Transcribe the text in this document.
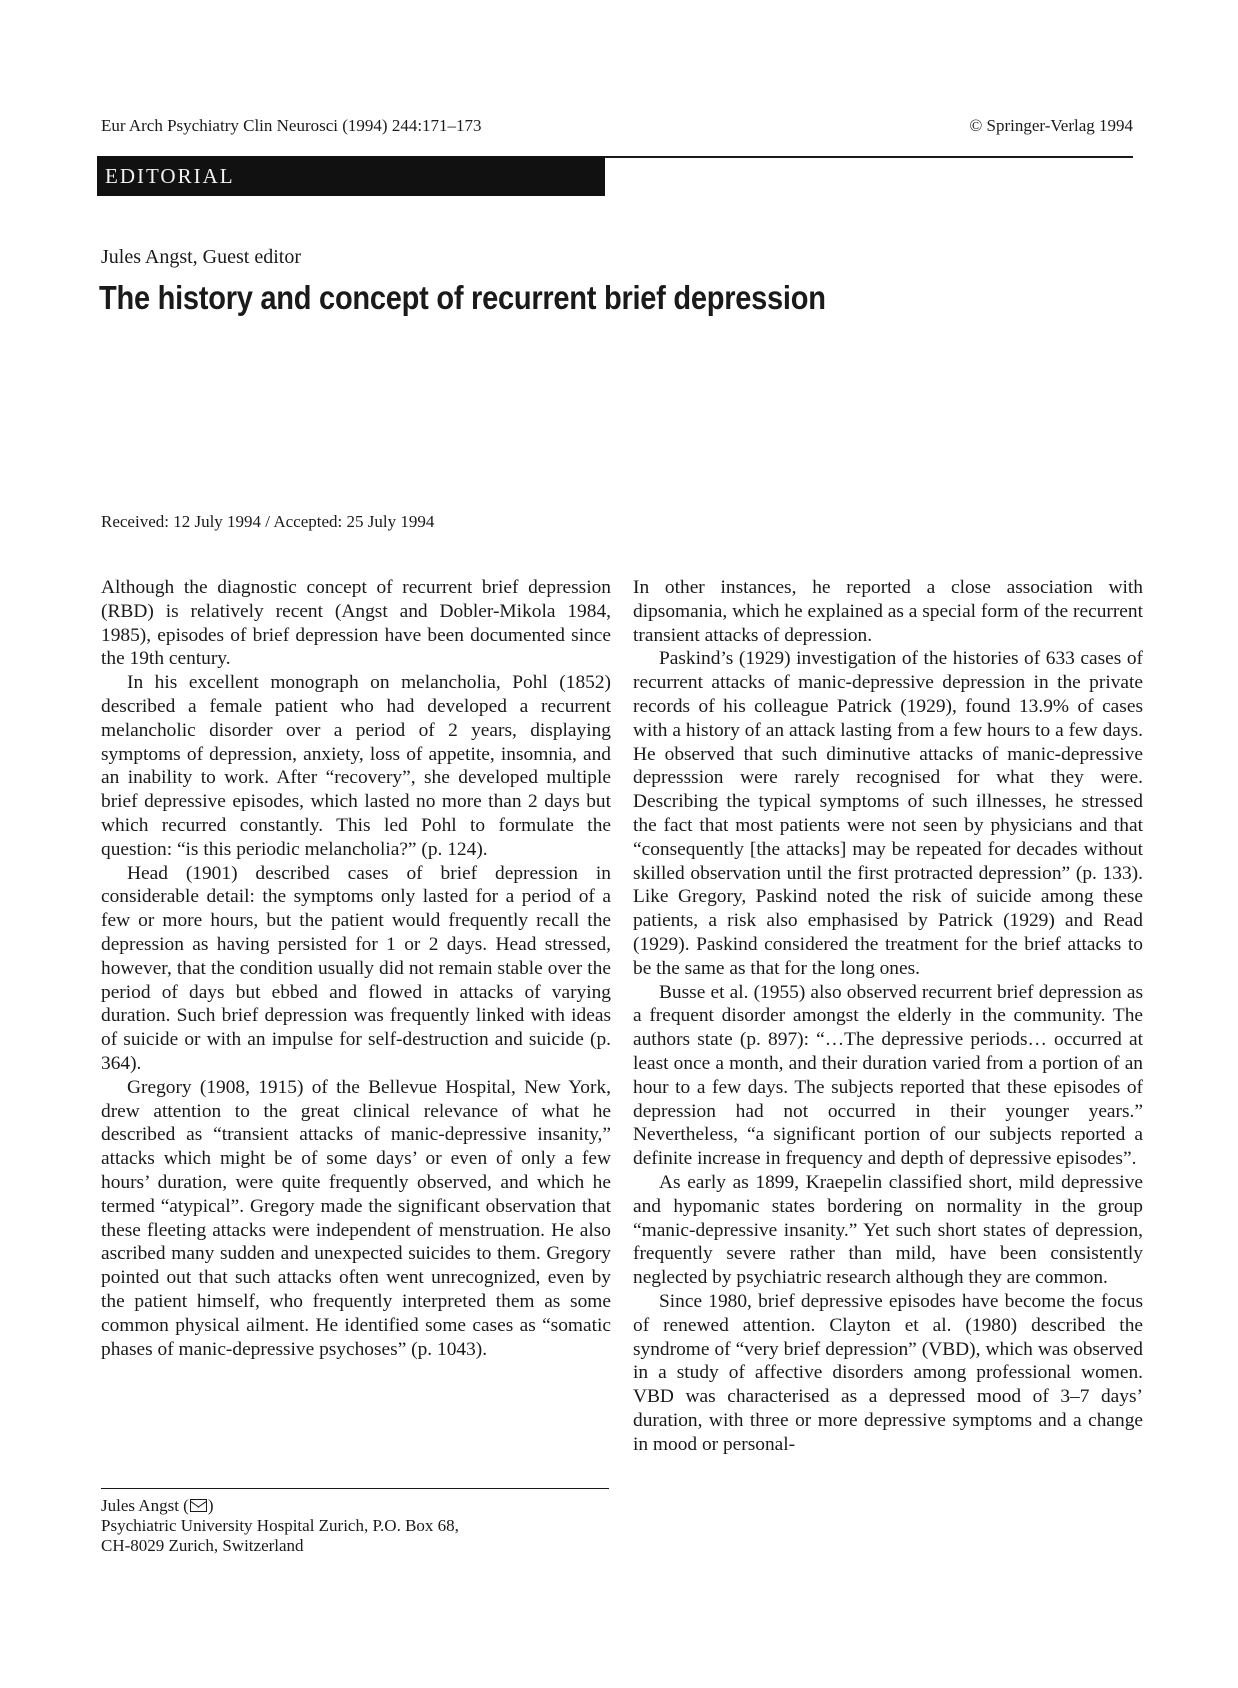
Eur Arch Psychiatry Clin Neurosci (1994) 244:171–173	© Springer-Verlag 1994
EDITORIAL
Jules Angst, Guest editor
The history and concept of recurrent brief depression
Received: 12 July 1994 / Accepted: 25 July 1994

Although the diagnostic concept of recurrent brief depression (RBD) is relatively recent (Angst and Dobler-Mikola 1984, 1985), episodes of brief depression have been documented since the 19th century.

In his excellent monograph on melancholia, Pohl (1852) described a female patient who had developed a recurrent melancholic disorder over a period of 2 years, displaying symptoms of depression, anxiety, loss of appetite, insomnia, and an inability to work. After “recovery”, she developed multiple brief depressive episodes, which lasted no more than 2 days but which recurred constantly. This led Pohl to formulate the question: “is this periodic melancholia?” (p. 124).

Head (1901) described cases of brief depression in considerable detail: the symptoms only lasted for a period of a few or more hours, but the patient would frequently recall the depression as having persisted for 1 or 2 days. Head stressed, however, that the condition usually did not remain stable over the period of days but ebbed and flowed in attacks of varying duration. Such brief depression was frequently linked with ideas of suicide or with an impulse for self-destruction and suicide (p. 364).

Gregory (1908, 1915) of the Bellevue Hospital, New York, drew attention to the great clinical relevance of what he described as “transient attacks of manic-depressive insanity,” attacks which might be of some days’ or even of only a few hours’ duration, were quite frequently observed, and which he termed “atypical”. Gregory made the significant observation that these fleeting attacks were independent of menstruation. He also ascribed many sudden and unexpected suicides to them. Gregory pointed out that such attacks often went unrecognized, even by the patient himself, who frequently interpreted them as some common physical ailment. He identified some cases as “somatic phases of manic-depressive psychoses” (p. 1043).

In other instances, he reported a close association with dipsomania, which he explained as a special form of the recurrent transient attacks of depression.

Paskind’s (1929) investigation of the histories of 633 cases of recurrent attacks of manic-depressive depression in the private records of his colleague Patrick (1929), found 13.9% of cases with a history of an attack lasting from a few hours to a few days. He observed that such diminutive attacks of manic-depressive depresssion were rarely recognised for what they were. Describing the typical symptoms of such illnesses, he stressed the fact that most patients were not seen by physicians and that “consequently [the attacks] may be repeated for decades without skilled observation until the first protracted depression” (p. 133). Like Gregory, Paskind noted the risk of suicide among these patients, a risk also emphasised by Patrick (1929) and Read (1929). Paskind considered the treatment for the brief attacks to be the same as that for the long ones.

Busse et al. (1955) also observed recurrent brief depression as a frequent disorder amongst the elderly in the community. The authors state (p. 897): “…The depressive periods… occurred at least once a month, and their duration varied from a portion of an hour to a few days. The subjects reported that these episodes of depression had not occurred in their younger years.” Nevertheless, “a significant portion of our subjects reported a definite increase in frequency and depth of depressive episodes”.

As early as 1899, Kraepelin classified short, mild depressive and hypomanic states bordering on normality in the group “manic-depressive insanity.” Yet such short states of depression, frequently severe rather than mild, have been consistently neglected by psychiatric research although they are common.

Since 1980, brief depressive episodes have become the focus of renewed attention. Clayton et al. (1980) described the syndrome of “very brief depression” (VBD), which was observed in a study of affective disorders among professional women. VBD was characterised as a depressed mood of 3–7 days’ duration, with three or more depressive symptoms and a change in mood or personal-

Jules Angst ( )
Psychiatric University Hospital Zurich, P.O. Box 68,
CH-8029 Zurich, Switzerland
